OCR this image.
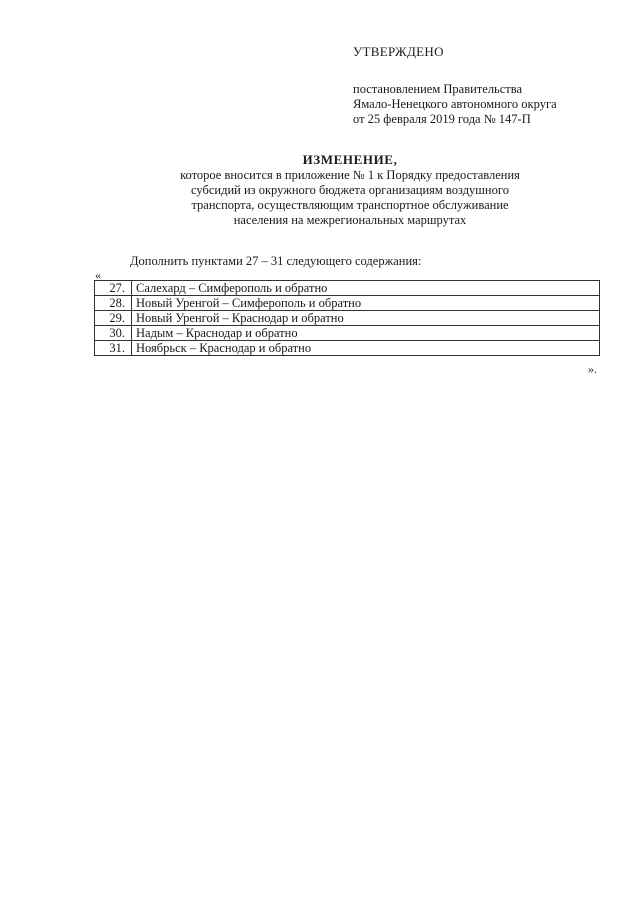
УТВЕРЖДЕНО
постановлением Правительства
Ямало-Ненецкого автономного округа
от 25 февраля 2019 года № 147-П
ИЗМЕНЕНИЕ,
которое вносится в приложение № 1 к Порядку предоставления
субсидий из окружного бюджета организациям воздушного
транспорта, осуществляющим транспортное обслуживание
населения на межрегиональных маршрутах
Дополнить пунктами 27 – 31 следующего содержания:
«
27.	Салехард – Симферополь и обратно
28.	Новый Уренгой – Симферополь и обратно
29.	Новый Уренгой – Краснодар и обратно
30.	Надым – Краснодар и обратно
31.	Ноябрьск – Краснодар и обратно
».
